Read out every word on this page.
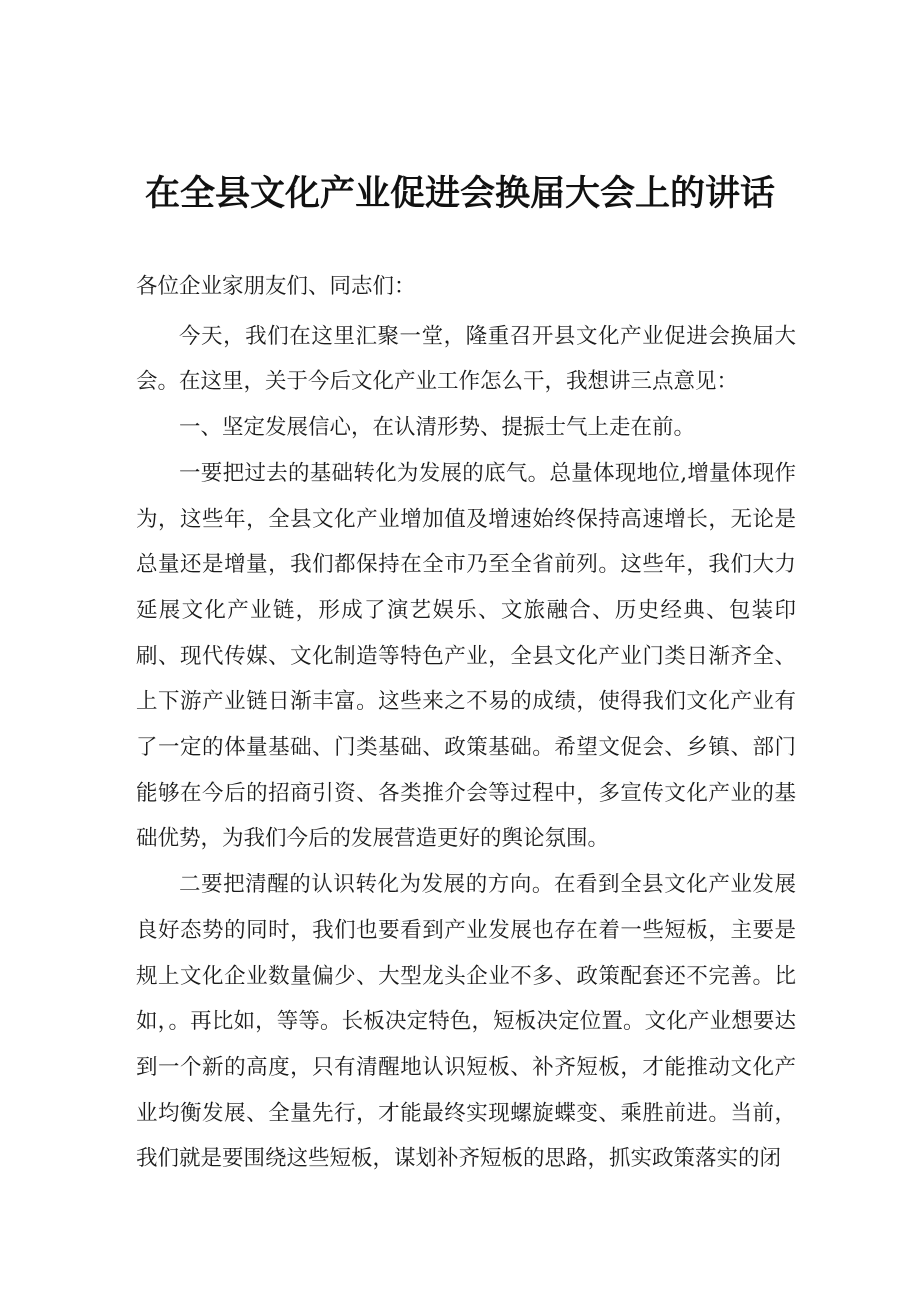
在全县文化产业促进会换届大会上的讲话

各位企业家朋友们、同志们：

今天，我们在这里汇聚一堂，隆重召开县文化产业促进会换届大会。在这里，关于今后文化产业工作怎么干，我想讲三点意见：

一、坚定发展信心，在认清形势、提振士气上走在前。

一要把过去的基础转化为发展的底气。总量体现地位,增量体现作为，这些年，全县文化产业增加值及增速始终保持高速增长，无论是总量还是增量，我们都保持在全市乃至全省前列。这些年，我们大力延展文化产业链，形成了演艺娱乐、文旅融合、历史经典、包装印刷、现代传媒、文化制造等特色产业，全县文化产业门类日渐齐全、上下游产业链日渐丰富。这些来之不易的成绩，使得我们文化产业有了一定的体量基础、门类基础、政策基础。希望文促会、乡镇、部门能够在今后的招商引资、各类推介会等过程中，多宣传文化产业的基础优势，为我们今后的发展营造更好的舆论氛围。

二要把清醒的认识转化为发展的方向。在看到全县文化产业发展良好态势的同时，我们也要看到产业发展也存在着一些短板，主要是规上文化企业数量偏少、大型龙头企业不多、政策配套还不完善。比如，。再比如，等等。长板决定特色，短板决定位置。文化产业想要达到一个新的高度，只有清醒地认识短板、补齐短板，才能推动文化产业均衡发展、全量先行，才能最终实现螺旋蝶变、乘胜前进。当前，我们就是要围绕这些短板，谋划补齐短板的思路，抓实政策落实的闭
